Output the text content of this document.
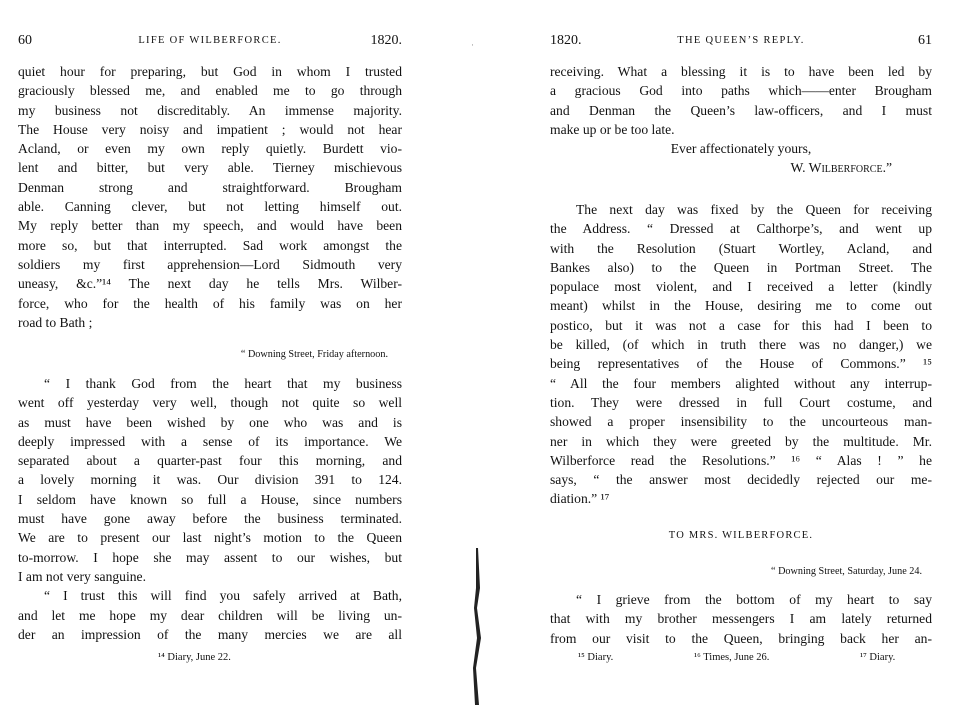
60	LIFE OF WILBERFORCE.	1820.
quiet hour for preparing, but God in whom I trusted
graciously blessed me, and enabled me to go through
my business not discreditably. An immense majority.
The House very noisy and impatient ; would not hear
Acland, or even my own reply quietly. Burdett vio-
lent and bitter, but very able. Tierney mischievous
Denman strong and straightforward. Brougham
able. Canning clever, but not letting himself out.
My reply better than my speech, and would have been
more so, but that interrupted. Sad work amongst the
soldiers my first apprehension—Lord Sidmouth very
uneasy, &c.”¹⁴ The next day he tells Mrs. Wilber-
force, who for the health of his family was on her
road to Bath ;
“ Downing Street, Friday afternoon.
“ I thank God from the heart that my business
went off yesterday very well, though not quite so well
as must have been wished by one who was and is
deeply impressed with a sense of its importance. We
separated about a quarter-past four this morning, and
a lovely morning it was. Our division 391 to 124.
I seldom have known so full a House, since numbers
must have gone away before the business terminated.
We are to present our last night’s motion to the Queen
to-morrow. I hope she may assent to our wishes, but
I am not very sanguine.
“ I trust this will find you safely arrived at Bath,
and let me hope my dear children will be living un-
der an impression of the many mercies we are all
¹⁴ Diary, June 22.
·	1820.	THE QUEEN’S REPLY.	61
receiving. What a blessing it is to have been led by
a gracious God into paths which——enter Brougham
and Denman the Queen’s law-officers, and I must
make up or be too late.
Ever affectionately yours,
W. Wilberforce.”
The next day was fixed by the Queen for receiving
the Address. “ Dressed at Calthorpe’s, and went up
with the Resolution (Stuart Wortley, Acland, and
Bankes also) to the Queen in Portman Street. The
populace most violent, and I received a letter (kindly
meant) whilst in the House, desiring me to come out
postico, but it was not a case for this had I been to
be killed, (of which in truth there was no danger,) we
being representatives of the House of Commons.” ¹⁵
“ All the four members alighted without any interrup-
tion. They were dressed in full Court costume, and
showed a proper insensibility to the uncourteous man-
ner in which they were greeted by the multitude. Mr.
Wilberforce read the Resolutions.” ¹⁶ “ Alas ! ” he
says, “ the answer most decidedly rejected our me-
diation.” ¹⁷
TO MRS. WILBERFORCE.
“ Downing Street, Saturday, June 24.
“ I grieve from the bottom of my heart to say
that with my brother messengers I am lately returned
from our visit to the Queen, bringing back her an-
¹⁵ Diary.	¹⁶ Times, June 26.	¹⁷ Diary.
